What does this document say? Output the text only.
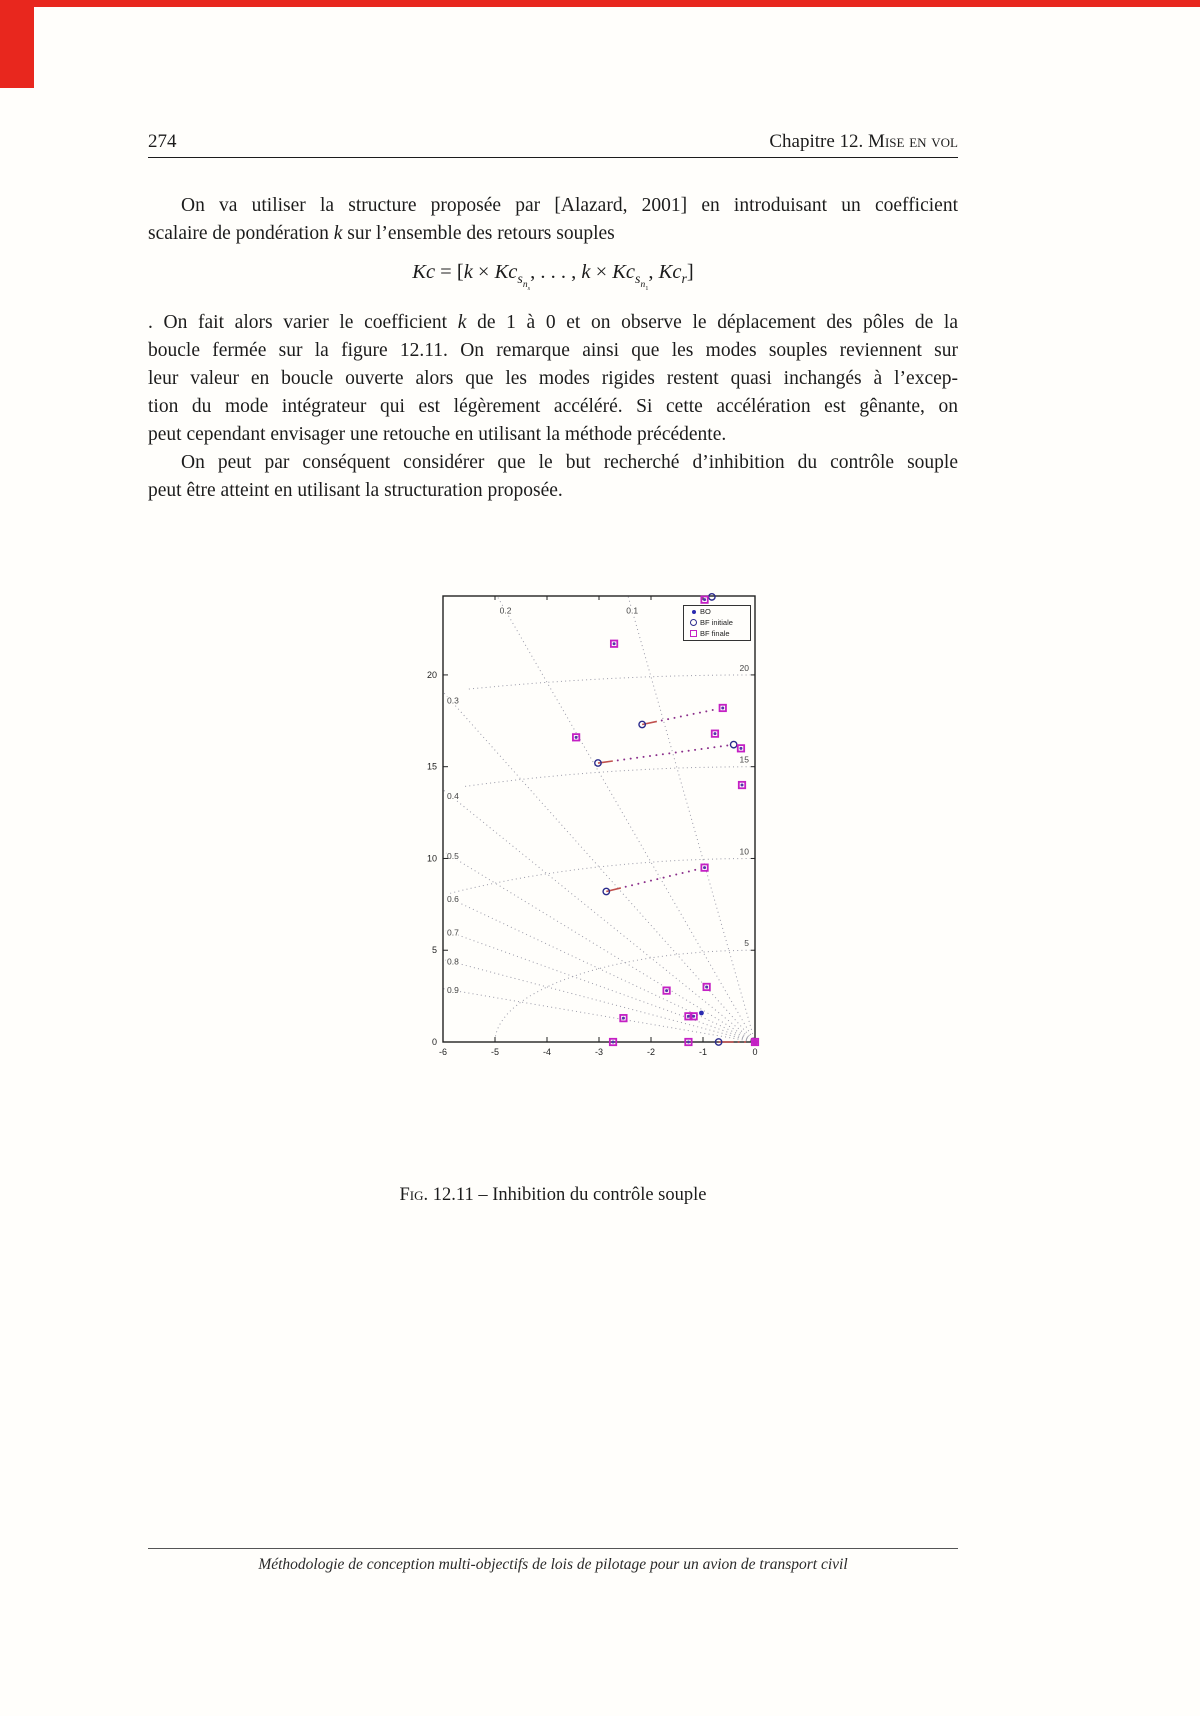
274	Chapitre 12. Mise en vol
On va utiliser la structure proposée par [Alazard, 2001] en introduisant un coefficient
scalaire de pondération k sur l’ensemble des retours souples
$Kc = [k \times Kc_{s_{n_s}}$, . . . , $k \times Kc_{s_{n_1}}$, $Kc_r$]
. On fait alors varier le coefficient k de 1 à 0 et on observe le déplacement des pôles de la
boucle fermée sur la figure 12.11. On remarque ainsi que les modes souples reviennent sur
leur valeur en boucle ouverte alors que les modes rigides restent quasi inchangés à l’excep-
tion du mode intégrateur qui est légèrement accéléré. Si cette accélération est gênante, on
peut cependant envisager une retouche en utilisant la méthode précédente.
On peut par conséquent considérer que le but recherché d’inhibition du contrôle souple
peut être atteint en utilisant la structuration proposée.
0.1
0.2
0.3
0.4
0.5
0.6
0.7
0.8
0.9
20
15
10
5
-6	-5	-4	-3	-2	-1	0
0
5
10
15
20
BO
BF initiale
BF finale
Fig. 12.11 – Inhibition du contrôle souple
Méthodologie de conception multi-objectifs de lois de pilotage pour un avion de transport civil
